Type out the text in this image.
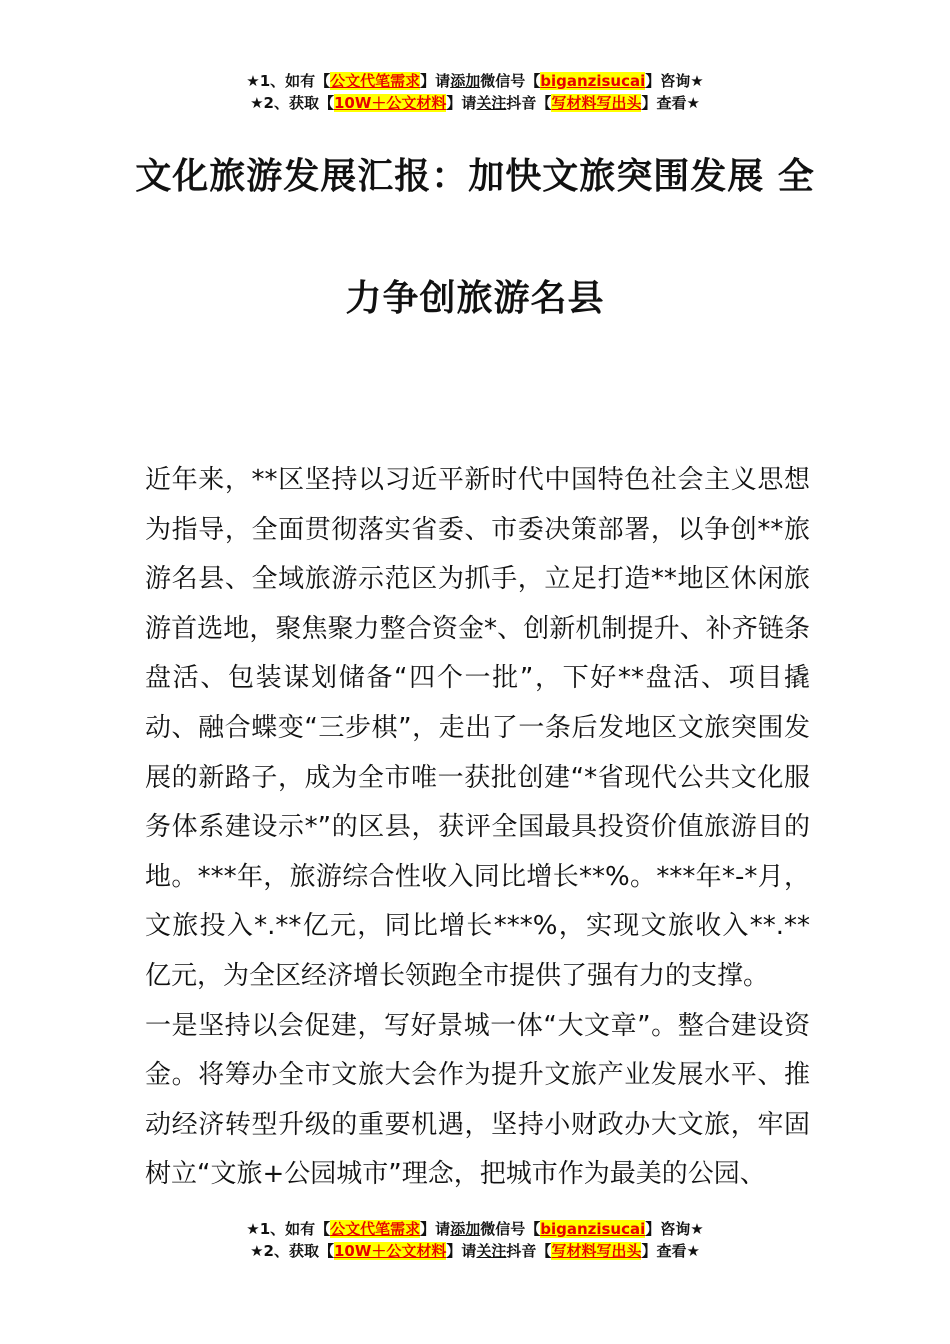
★1、如有【公文代笔需求】请添加微信号【biganzisucai】咨询★
★2、获取【10W＋公文材料】请关注抖音【写材料写出头】查看★
文化旅游发展汇报：加快文旅突围发展 全
力争创旅游名县

近年来，**区坚持以习近平新时代中国特色社会主义思想为指导，全面贯彻落实省委、市委决策部署，以争创**旅游名县、全域旅游示范区为抓手，立足打造**地区休闲旅游首选地，聚焦聚力整合资金*、创新机制提升、补齐链条盘活、包装谋划储备“四个一批”，下好**盘活、项目撬动、融合蝶变“三步棋”，走出了一条后发地区文旅突围发展的新路子，成为全市唯一获批创建“*省现代公共文化服务体系建设示*”的区县，获评全国最具投资价值旅游目的地。***年，旅游综合性收入同比增长**%。***年*-*月，文旅投入*.**亿元，同比增长***%，实现文旅收入**.**亿元，为全区经济增长领跑全市提供了强有力的支撑。

一是坚持以会促建，写好景城一体“大文章”。整合建设资金。将筹办全市文旅大会作为提升文旅产业发展水平、推动经济转型升级的重要机遇，坚持小财政办大文旅，牢固树立“文旅+公园城市”理念，把城市作为最美的公园、

★1、如有【公文代笔需求】请添加微信号【biganzisucai】咨询★
★2、获取【10W＋公文材料】请关注抖音【写材料写出头】查看★
